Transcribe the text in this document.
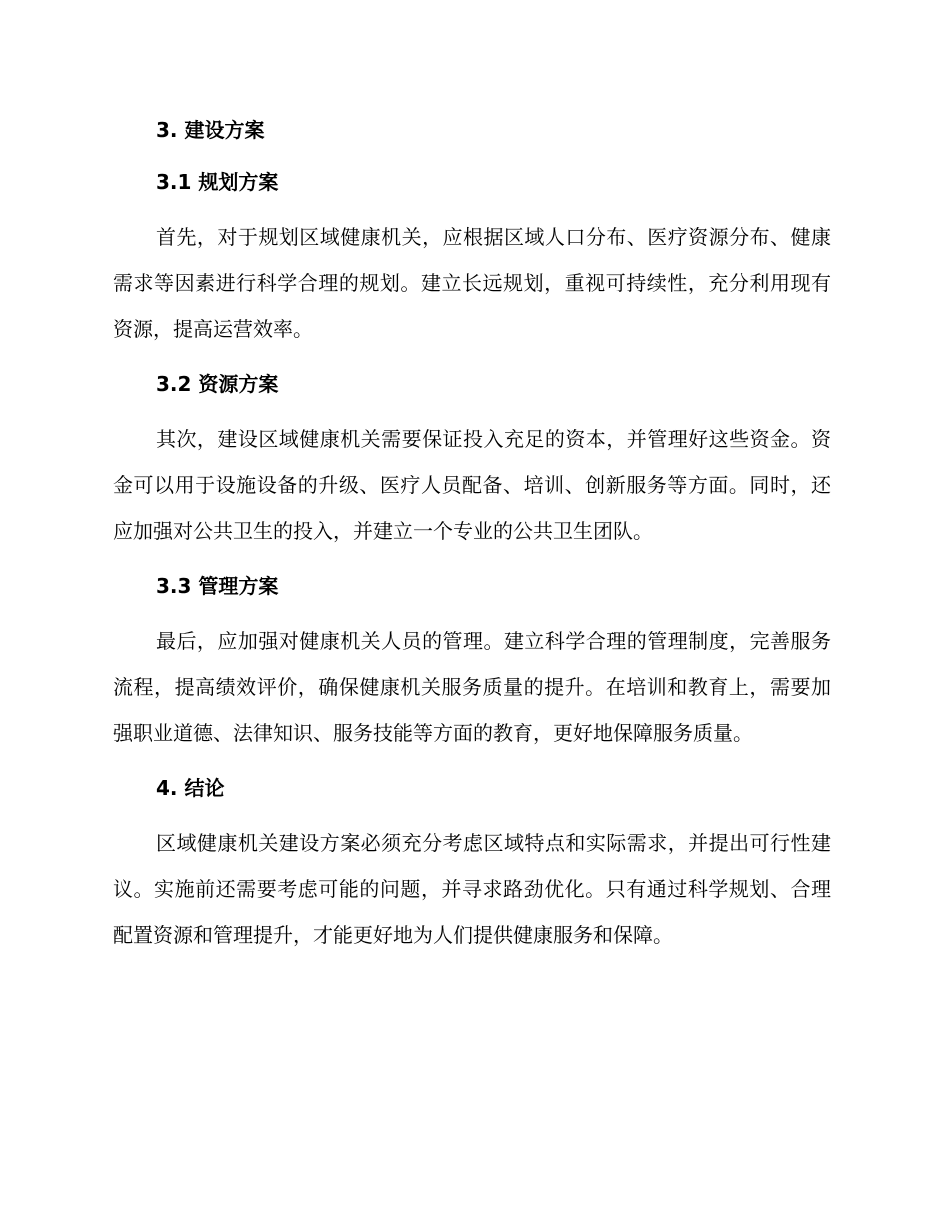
3. 建设方案
3.1 规划方案

首先，对于规划区域健康机关，应根据区域人口分布、医疗资源分布、健康需求等因素进行科学合理的规划。建立长远规划，重视可持续性，充分利用现有资源，提高运营效率。

3.2 资源方案

其次，建设区域健康机关需要保证投入充足的资本，并管理好这些资金。资金可以用于设施设备的升级、医疗人员配备、培训、创新服务等方面。同时，还应加强对公共卫生的投入，并建立一个专业的公共卫生团队。

3.3 管理方案

最后，应加强对健康机关人员的管理。建立科学合理的管理制度，完善服务流程，提高绩效评价，确保健康机关服务质量的提升。在培训和教育上，需要加强职业道德、法律知识、服务技能等方面的教育，更好地保障服务质量。

4. 结论

区域健康机关建设方案必须充分考虑区域特点和实际需求，并提出可行性建议。实施前还需要考虑可能的问题，并寻求路劲优化。只有通过科学规划、合理配置资源和管理提升，才能更好地为人们提供健康服务和保障。
